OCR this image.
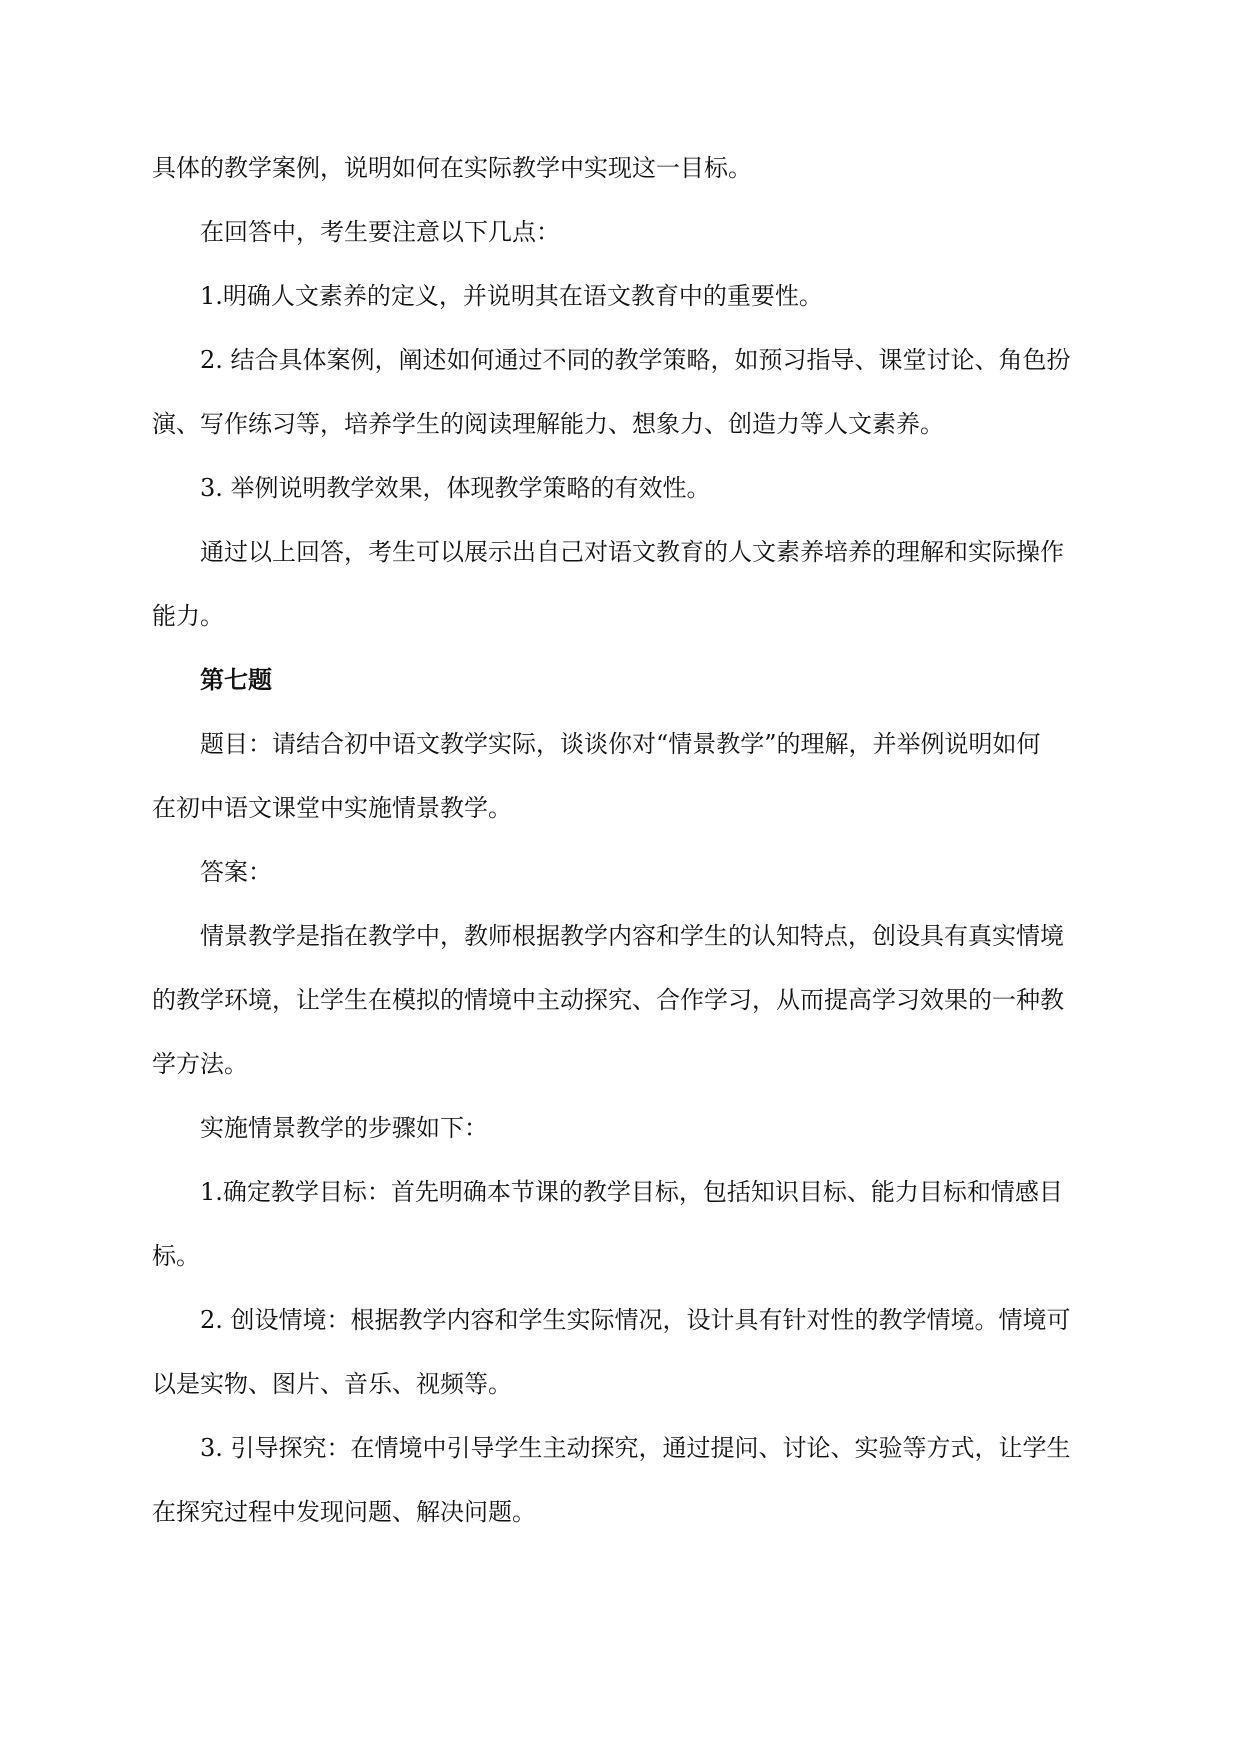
具体的教学案例，说明如何在实际教学中实现这一目标。
在回答中，考生要注意以下几点：
1.明确人文素养的定义，并说明其在语文教育中的重要性。
2. 结合具体案例，阐述如何通过不同的教学策略，如预习指导、课堂讨论、角色扮
演、写作练习等，培养学生的阅读理解能力、想象力、创造力等人文素养。
3. 举例说明教学效果，体现教学策略的有效性。
通过以上回答，考生可以展示出自己对语文教育的人文素养培养的理解和实际操作
能力。
第七题
题目：请结合初中语文教学实际，谈谈你对“情景教学”的理解，并举例说明如何
在初中语文课堂中实施情景教学。
答案：
情景教学是指在教学中，教师根据教学内容和学生的认知特点，创设具有真实情境
的教学环境，让学生在模拟的情境中主动探究、合作学习，从而提高学习效果的一种教
学方法。
实施情景教学的步骤如下：
1.确定教学目标：首先明确本节课的教学目标，包括知识目标、能力目标和情感目
标。
2. 创设情境：根据教学内容和学生实际情况，设计具有针对性的教学情境。情境可
以是实物、图片、音乐、视频等。
3. 引导探究：在情境中引导学生主动探究，通过提问、讨论、实验等方式，让学生
在探究过程中发现问题、解决问题。
